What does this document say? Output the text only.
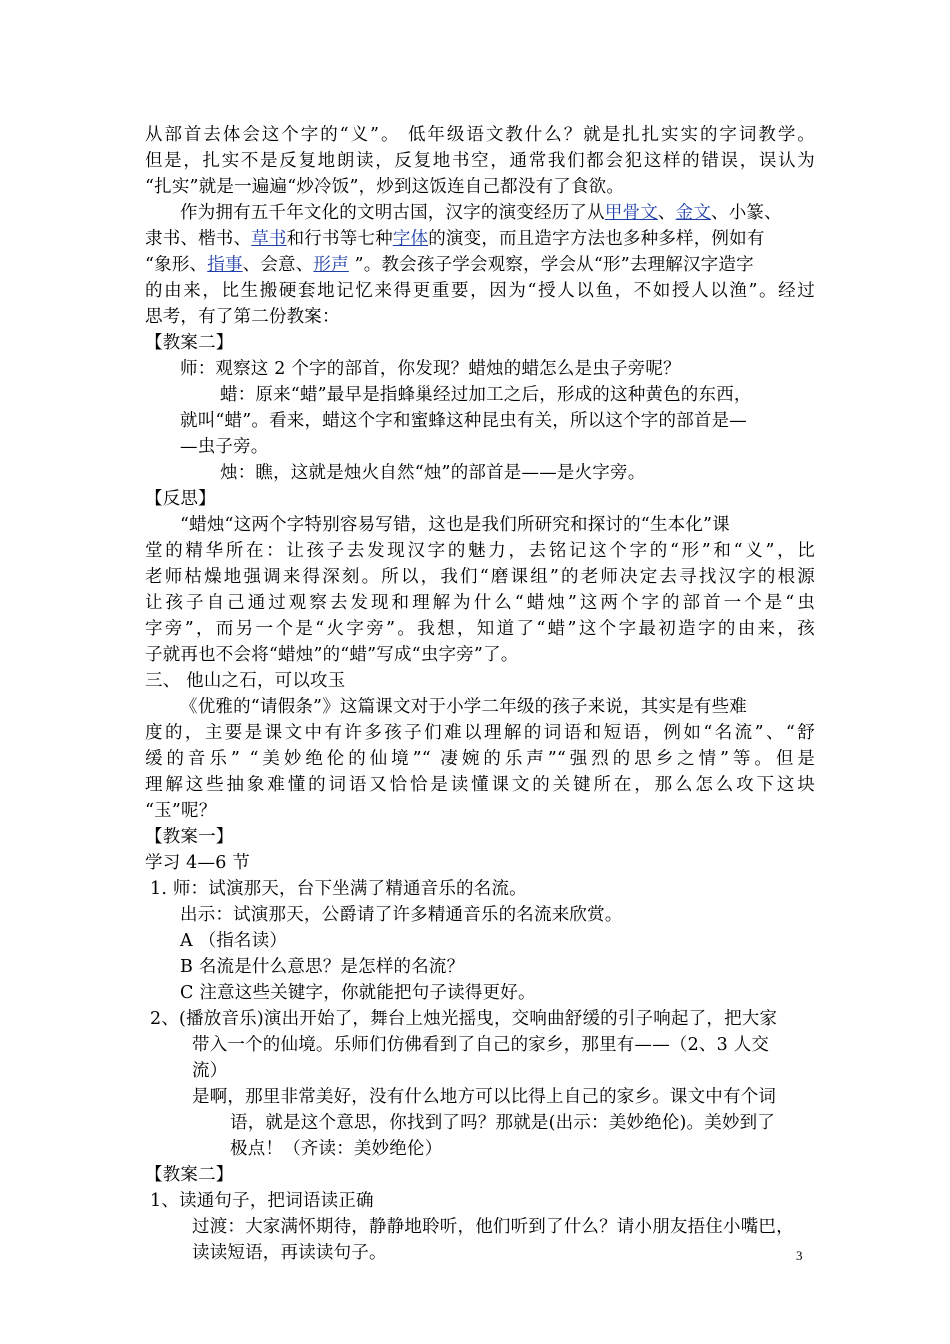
从部首去体会这个字的“义”。 低年级语文教什么？就是扎扎实实的字词教学。
但是，扎实不是反复地朗读，反复地书空，通常我们都会犯这样的错误，误认为
“扎实”就是一遍遍“炒冷饭”，炒到这饭连自己都没有了食欲。
作为拥有五千年文化的文明古国，汉字的演变经历了从甲骨文、金文、小篆、
隶书、楷书、草书和行书等七种字体的演变，而且造字方法也多种多样，例如有
“象形、指事、会意、形声 ”。教会孩子学会观察，学会从“形”去理解汉字造字
的由来，比生搬硬套地记忆来得更重要，因为“授人以鱼，不如授人以渔”。经过
思考，有了第二份教案：
【教案二】
师：观察这 2 个字的部首，你发现？蜡烛的蜡怎么是虫子旁呢？
蜡：原来“蜡”最早是指蜂巢经过加工之后，形成的这种黄色的东西，
就叫“蜡”。看来，蜡这个字和蜜蜂这种昆虫有关，所以这个字的部首是—
—虫子旁。
烛：瞧，这就是烛火自然“烛”的部首是——是火字旁。
【反思】
“蜡烛“这两个字特别容易写错，这也是我们所研究和探讨的“生本化”课
堂的精华所在：让孩子去发现汉字的魅力，去铭记这个字的“形”和“义”，比
老师枯燥地强调来得深刻。所以，我们“磨课组”的老师决定去寻找汉字的根源
让孩子自己通过观察去发现和理解为什么“蜡烛”这两个字的部首一个是“虫
字旁”，而另一个是“火字旁”。我想，知道了“蜡”这个字最初造字的由来，孩
子就再也不会将“蜡烛”的“蜡”写成“虫字旁”了。
三、 他山之石，可以攻玉
《优雅的“请假条”》这篇课文对于小学二年级的孩子来说，其实是有些难
度的，主要是课文中有许多孩子们难以理解的词语和短语，例如“名流”、“舒
缓的音乐” “美妙绝伦的仙境”“ 凄婉的乐声”“强烈的思乡之情”等。但是
理解这些抽象难懂的词语又恰恰是读懂课文的关键所在，那么怎么攻下这块
“玉”呢？
【教案一】
学习 4—6 节
1. 师：试演那天，台下坐满了精通音乐的名流。
出示：试演那天，公爵请了许多精通音乐的名流来欣赏。
A （指名读）
B 名流是什么意思？是怎样的名流？
C 注意这些关键字，你就能把句子读得更好。
2、(播放音乐)演出开始了，舞台上烛光摇曳，交响曲舒缓的引子响起了，把大家
带入一个的仙境。乐师们仿佛看到了自己的家乡，那里有——（2、3 人交
流）
是啊，那里非常美好，没有什么地方可以比得上自己的家乡。课文中有个词
语，就是这个意思，你找到了吗？那就是(出示：美妙绝伦)。美妙到了
极点！（齐读：美妙绝伦）
【教案二】
1、读通句子，把词语读正确
过渡：大家满怀期待，静静地聆听，他们听到了什么？请小朋友捂住小嘴巴，
读读短语，再读读句子。	3
